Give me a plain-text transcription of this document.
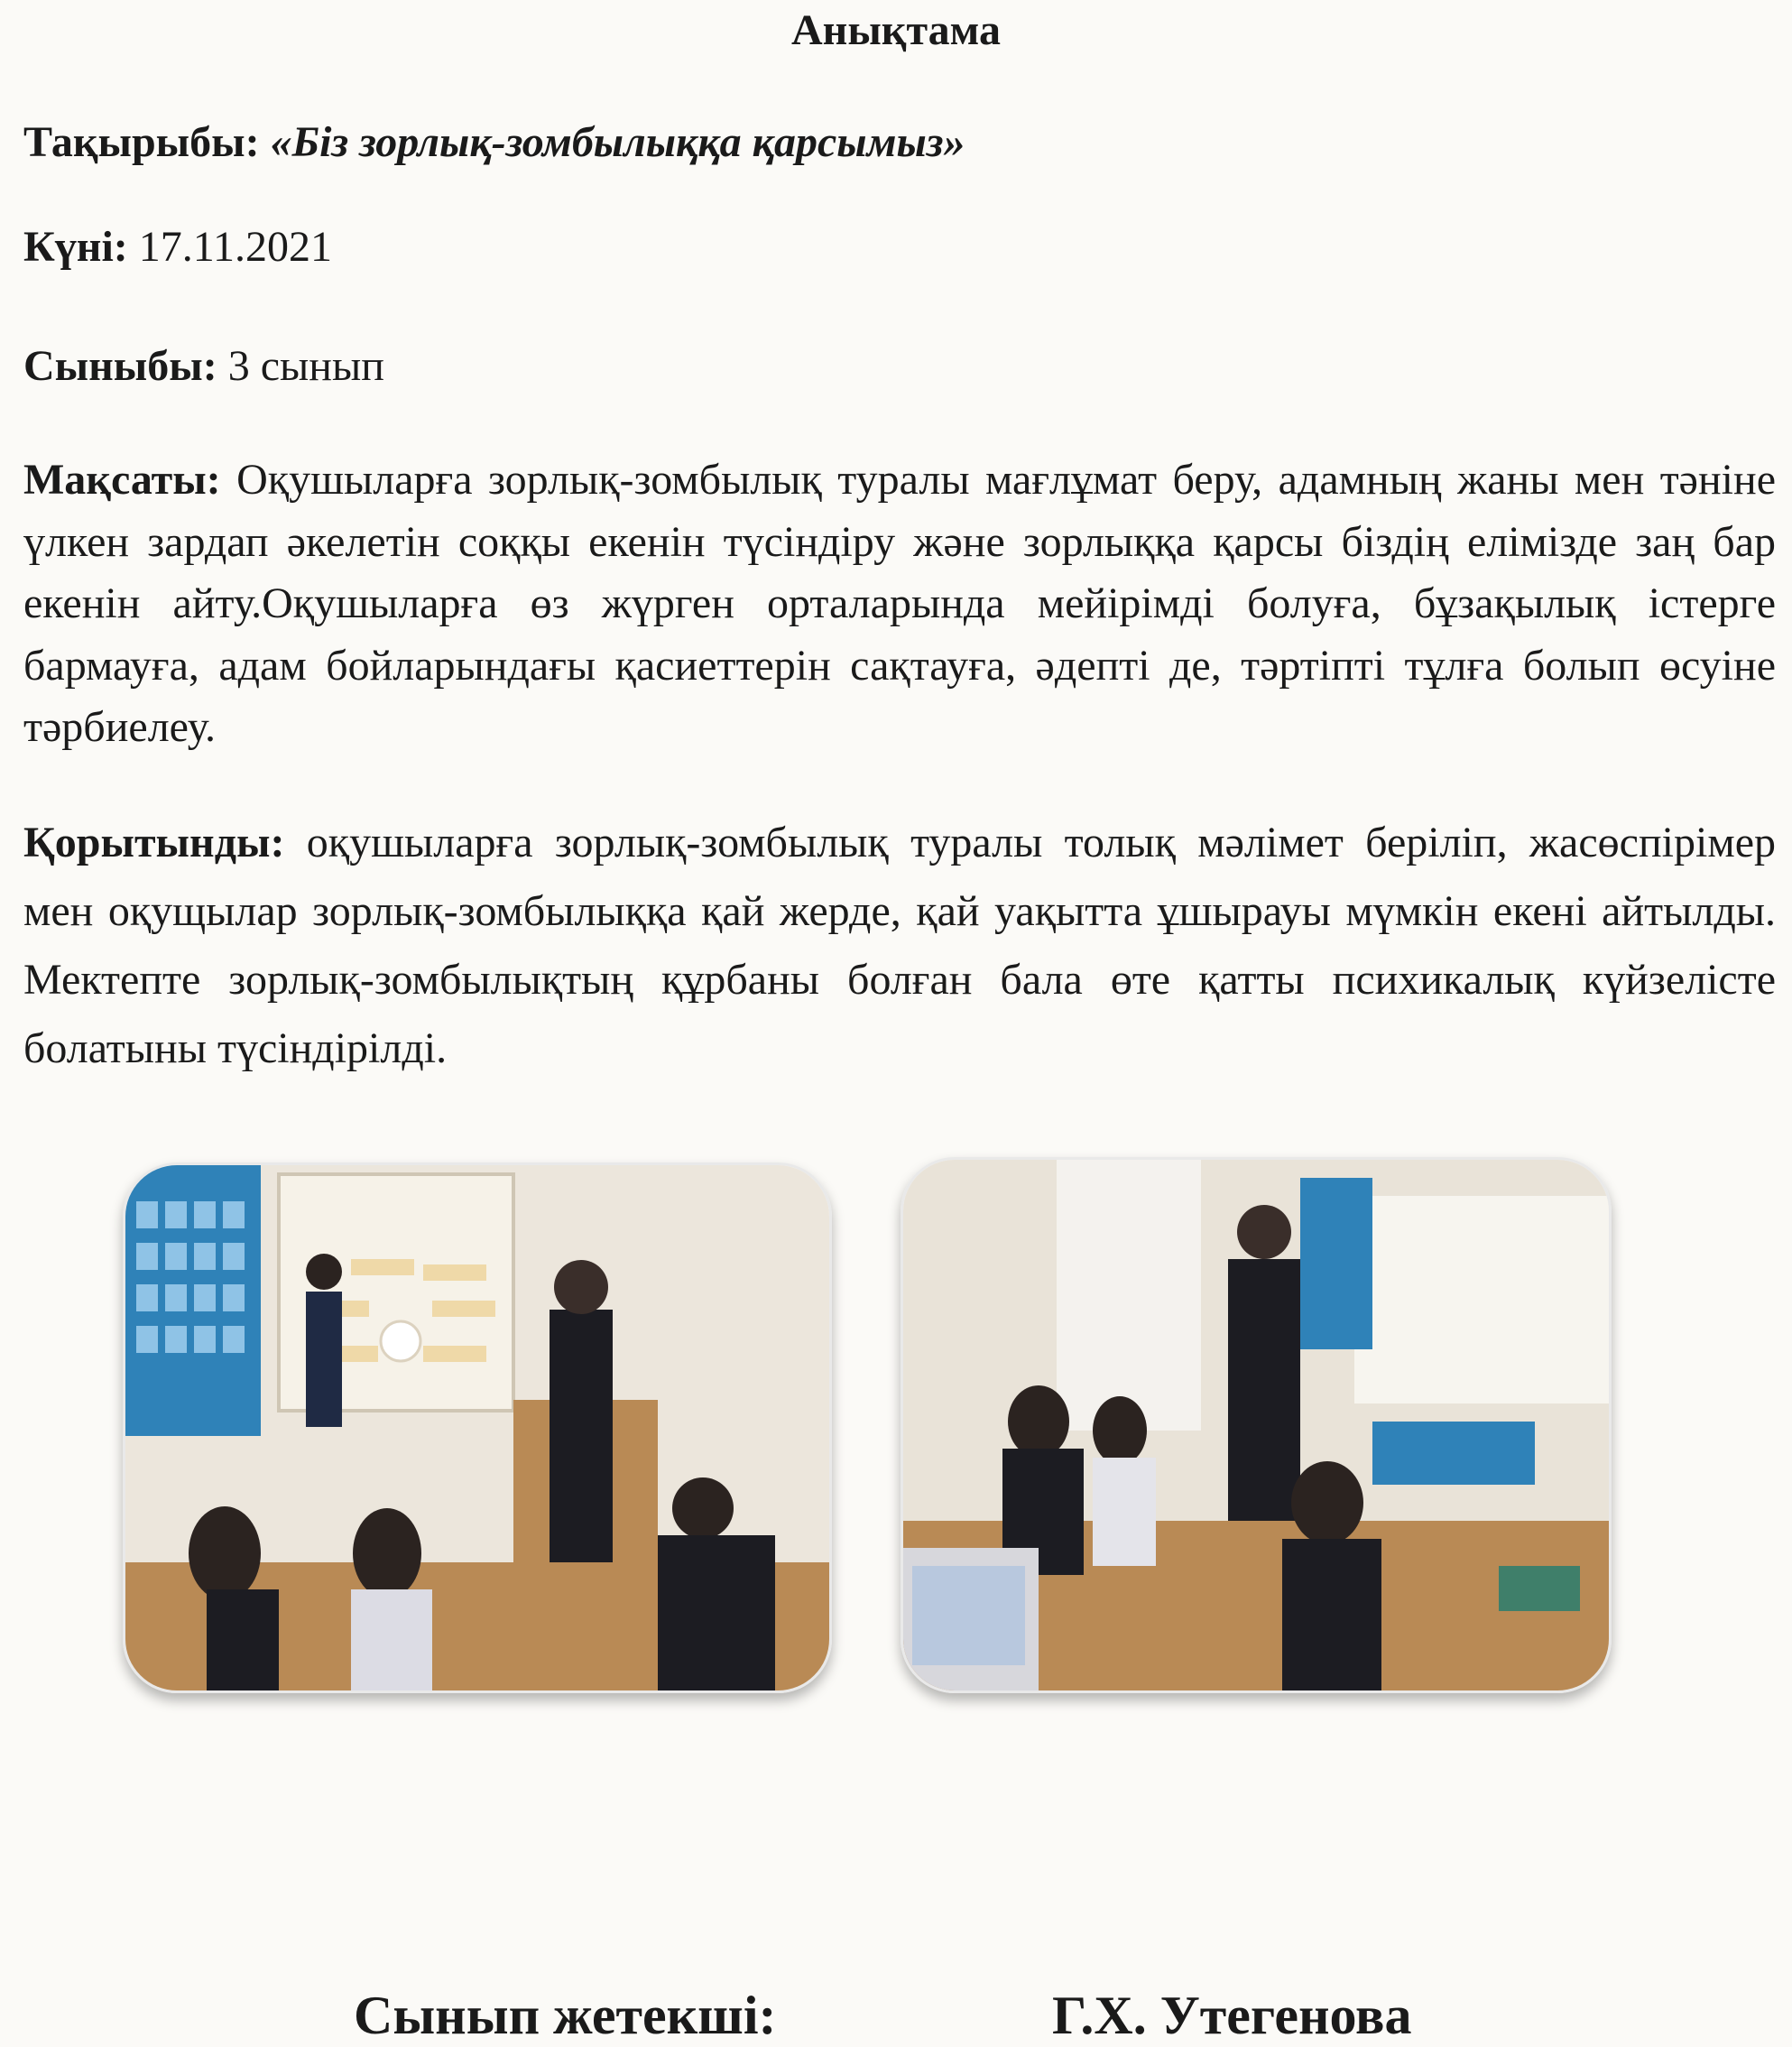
Анықтама
Тақырыбы: «Біз зорлық-зомбылыққа қарсымыз»
Күні: 17.11.2021
Сыныбы: 3 сынып
Мақсаты: Оқушыларға зорлық-зомбылық туралы мағлұмат беру, адамның жаны мен тәніне үлкен зардап әкелетін соққы екенін түсіндіру және зорлыққа қарсы біздің елімізде заң бар екенін айту.Оқушыларға өз жүрген орталарында мейірімді болуға, бұзақылық істерге бармауға, адам бойларындағы қасиеттерін сақтауға, әдепті де, тәртіпті тұлға болып өсуіне тәрбиелеу.
Қорытынды: оқушыларға зорлық-зомбылық туралы толық мәлімет беріліп, жасөспірімер мен оқущылар зорлық-зомбылыққа қай жерде, қай уақытта ұшырауы мүмкін екені айтылды. Мектепте зорлық-зомбылықтың құрбаны болған бала өте қатты психикалық күйзелісте болатыны түсіндірілді.
Сынып жетекші:	Г.Х. Утегенова
